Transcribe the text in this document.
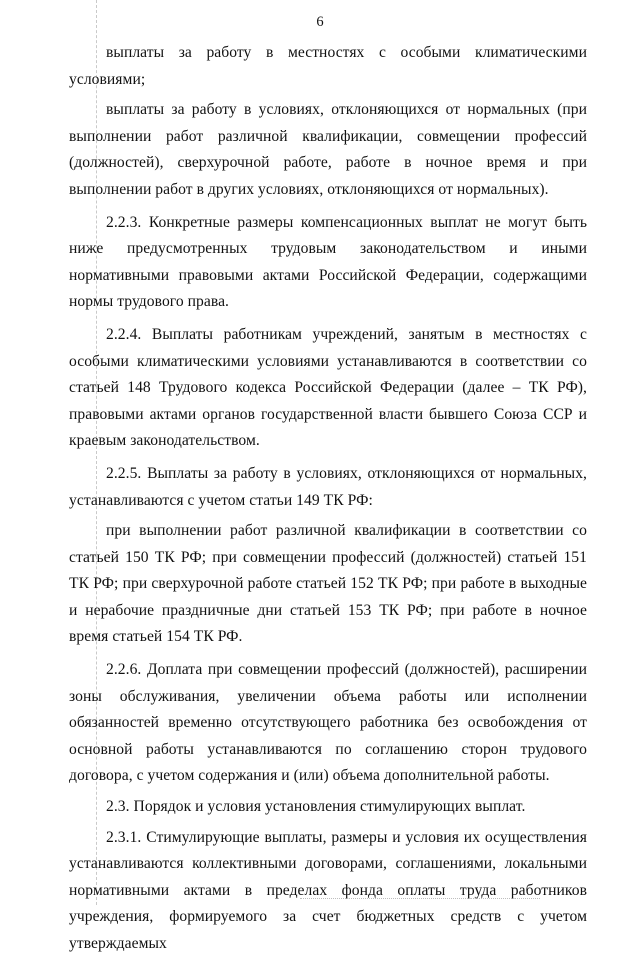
6

выплаты за работу в местностях с особыми климатическими условиями;

выплаты за работу в условиях, отклоняющихся от нормальных (при выполнении работ различной квалификации, совмещении профессий (должностей), сверхурочной работе, работе в ночное время и при выполнении работ в других условиях, отклоняющихся от нормальных).

2.2.3. Конкретные размеры компенсационных выплат не могут быть ниже предусмотренных трудовым законодательством и иными нормативными правовыми актами Российской Федерации, содержащими нормы трудового права.

2.2.4. Выплаты работникам учреждений, занятым в местностях с особыми климатическими условиями устанавливаются в соответствии со статьей 148 Трудового кодекса Российской Федерации (далее – ТК РФ), правовыми актами органов государственной власти бывшего Союза ССР и краевым законодательством.

2.2.5. Выплаты за работу в условиях, отклоняющихся от нормальных, устанавливаются с учетом статьи 149 ТК РФ:

при выполнении работ различной квалификации в соответствии со статьей 150 ТК РФ; при совмещении профессий (должностей) статьей 151 ТК РФ; при сверхурочной работе статьей 152 ТК РФ; при работе в выходные и нерабочие праздничные дни статьей 153 ТК РФ; при работе в ночное время статьей 154 ТК РФ.

2.2.6. Доплата при совмещении профессий (должностей), расширении зоны обслуживания, увеличении объема работы или исполнении обязанностей временно отсутствующего работника без освобождения от основной работы устанавливаются по соглашению сторон трудового договора, с учетом содержания и (или) объема дополнительной работы.

2.3. Порядок и условия установления стимулирующих выплат.

2.3.1. Стимулирующие выплаты, размеры и условия их осуществления устанавливаются коллективными договорами, соглашениями, локальными нормативными актами в пределах фонда оплаты труда работников учреждения, формируемого за счет бюджетных средств с учетом утверждаемых
